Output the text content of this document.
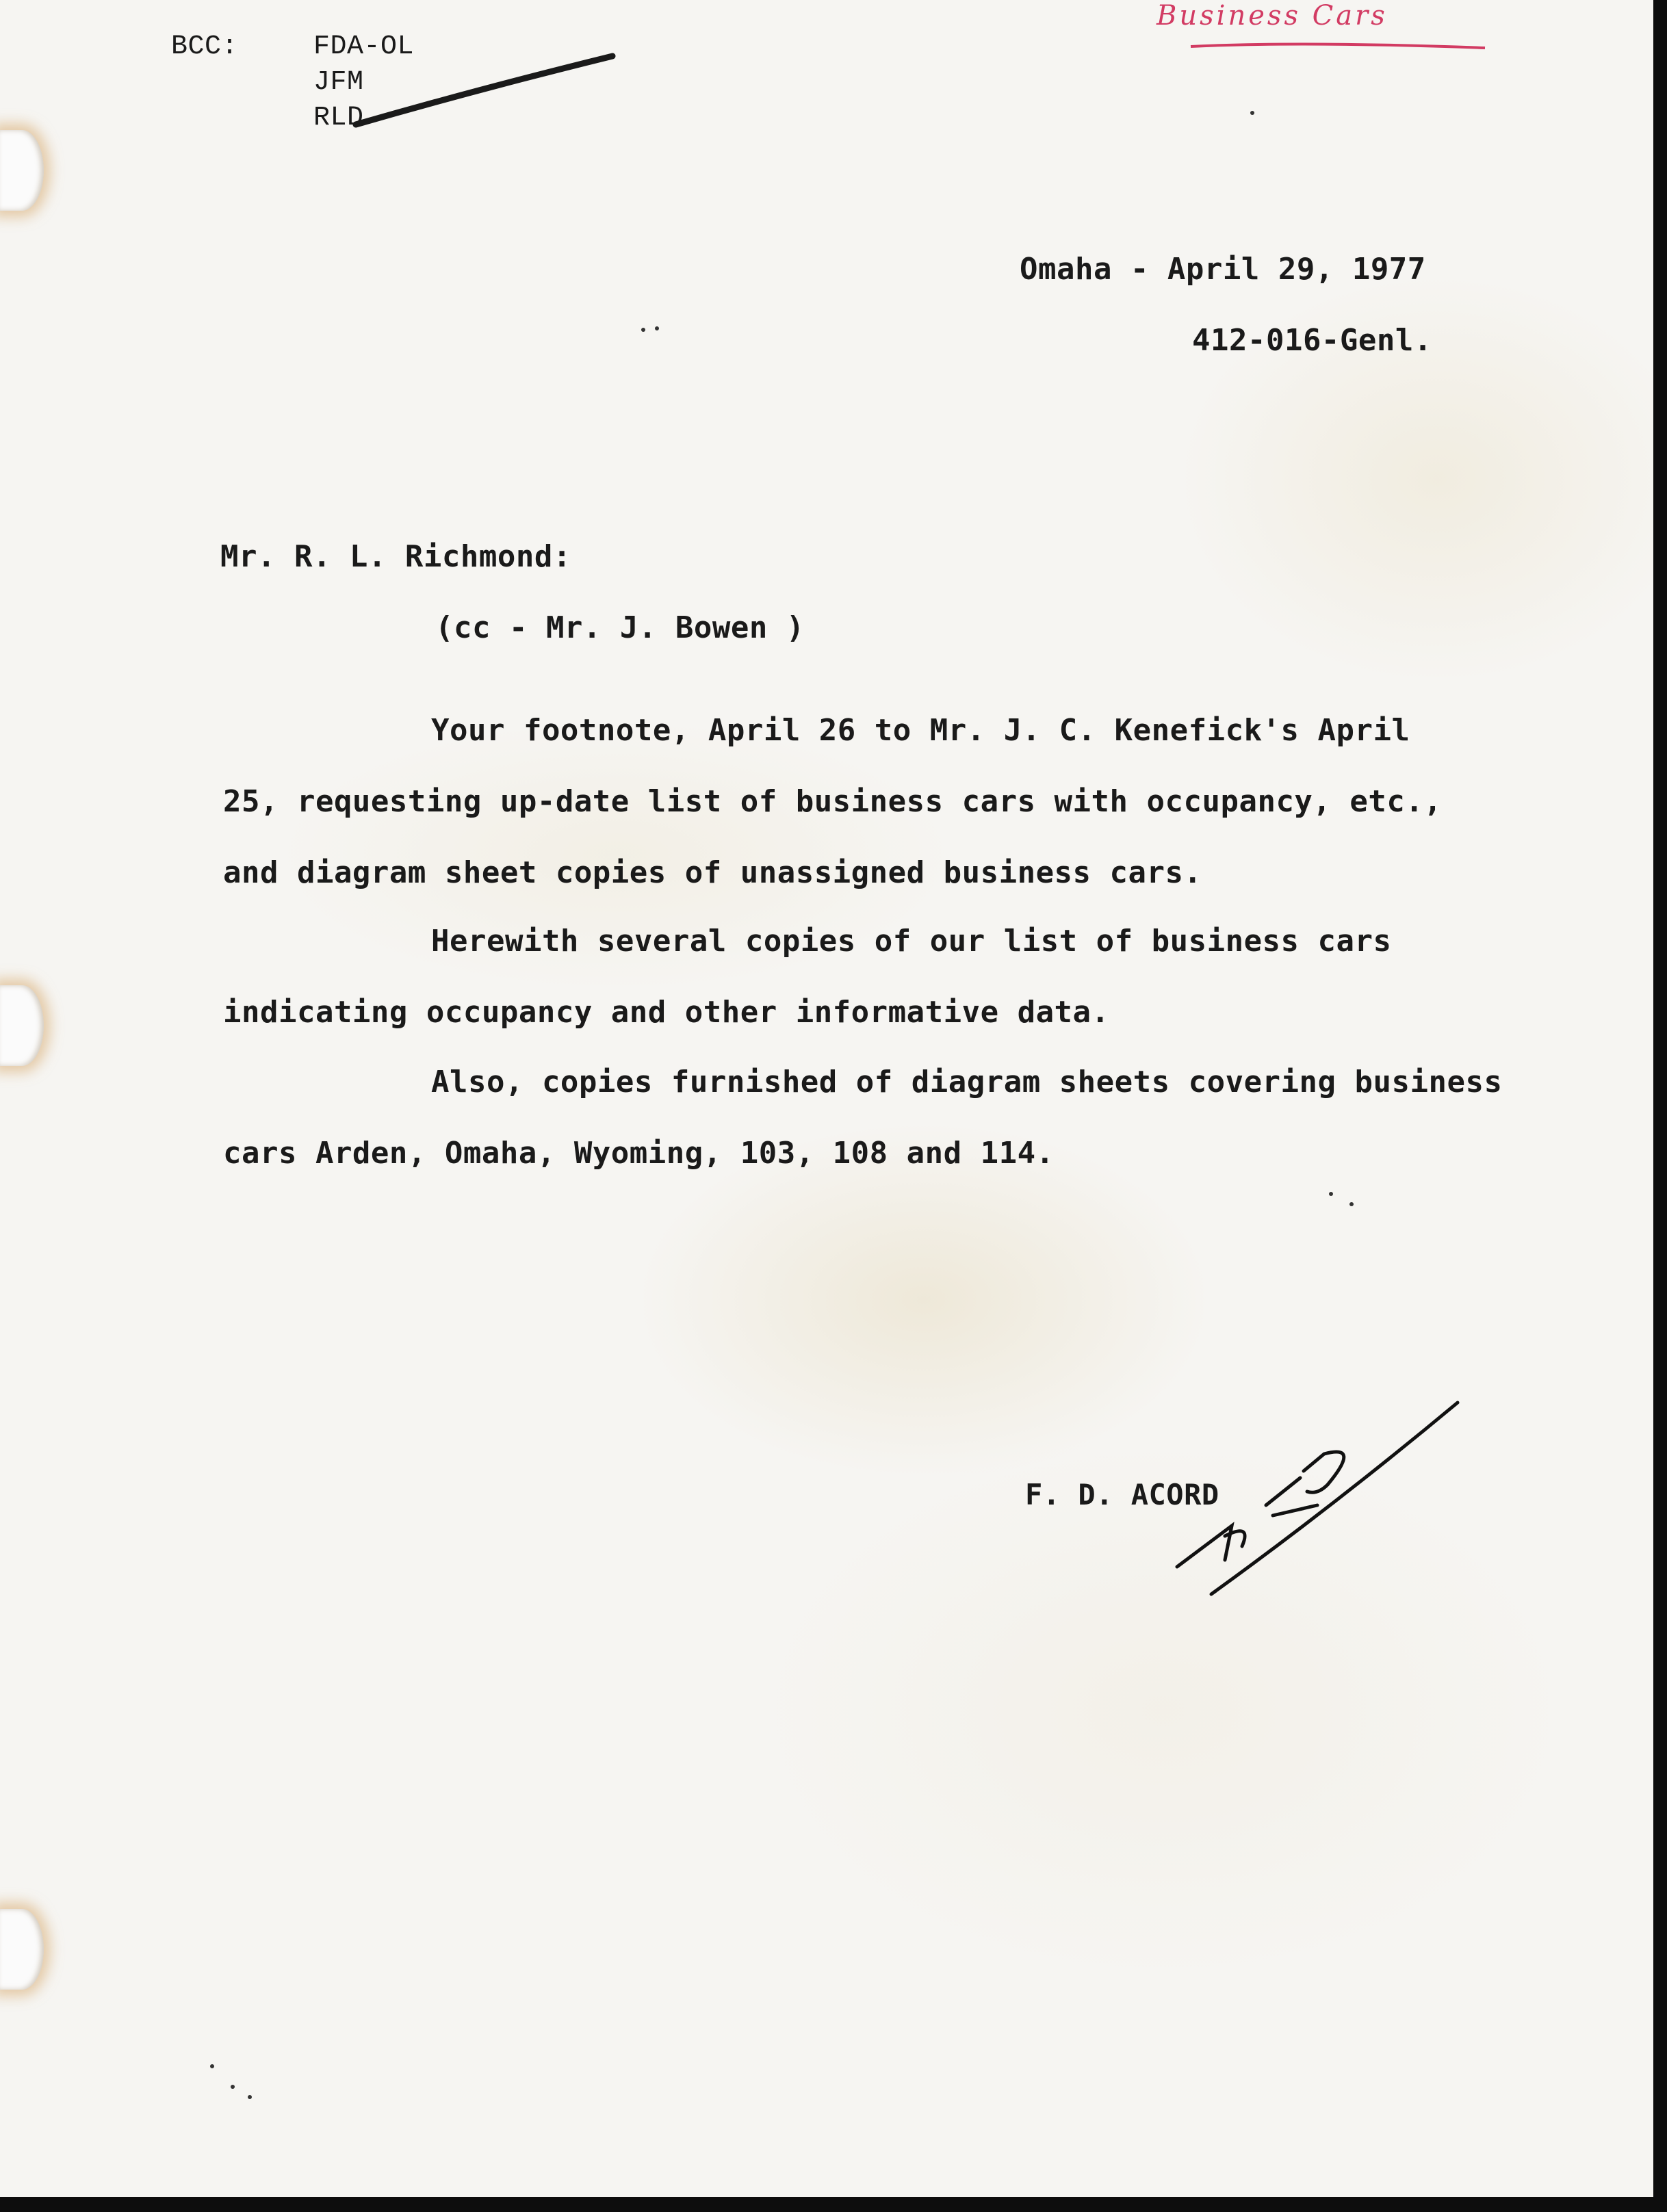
Business Cars
BCC:	FDA-OL
JFM
RLD
Omaha - April 29, 1977
412-016-Genl.
Mr. R. L. Richmond:
(cc - Mr. J. Bowen )
Your footnote, April 26 to Mr. J. C. Kenefick's April
25, requesting up-date list of business cars with occupancy, etc.,
and diagram sheet copies of unassigned business cars.
Herewith several copies of our list of business cars
indicating occupancy and other informative data.
Also, copies furnished of diagram sheets covering business
cars Arden, Omaha, Wyoming, 103, 108 and 114.
F. D. ACORD
